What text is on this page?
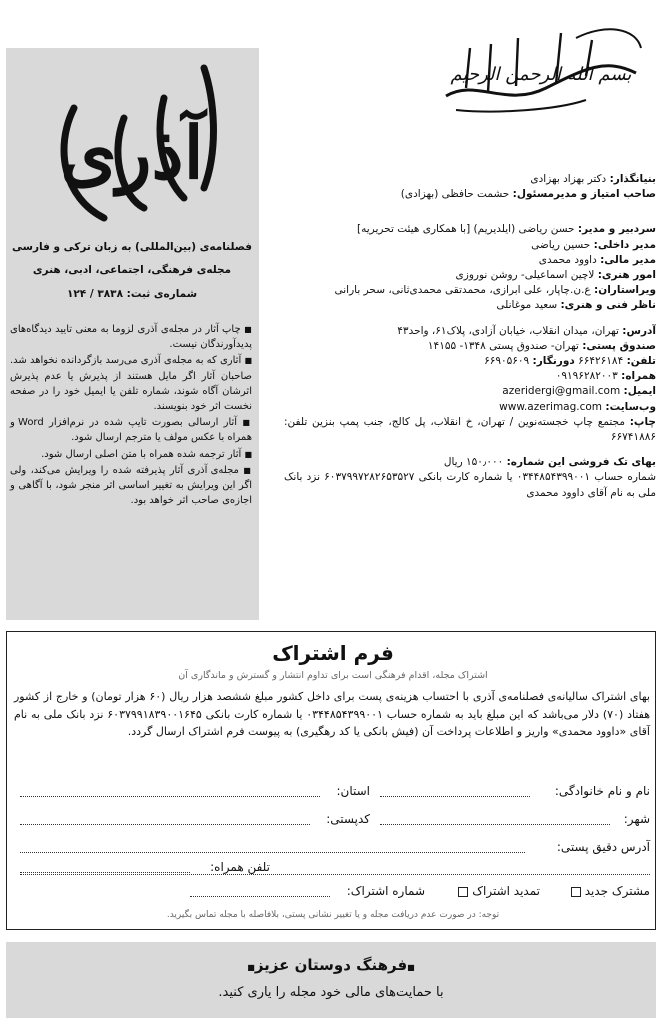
بسم الله الرحمن الرحیم
آذری
فصلنامه‌ی (بین‌المللی) به زبان ترکی و فارسی
مجله‌ی فرهنگی، اجتماعی، ادبی، هنری
شماره‌ی ثبت: ۳۸۳۸ / ۱۲۴

■ چاپ آثار در مجله‌ی آذری لزوما به معنی تایید دیدگاه‌های پدیدآورندگان نیست.

■ آثاری که به مجله‌ی آذری می‌رسد بازگردانده نخواهد شد. صاحبان آثار اگر مایل هستند از پذیرش یا عدم پذیرش اثرشان آگاه شوند، شماره تلفن یا ایمیل خود را در صفحه نخست اثر خود بنویسند.

■ آثار ارسالی بصورت تایپ شده در نرم‌افزار Word و همراه با عکس مولف یا مترجم ارسال شود.

■ آثار ترجمه شده همراه با متن اصلی ارسال شود.

■ مجله‌ی آذری آثار پذیرفته شده را ویرایش می‌کند، ولی اگر این ویرایش به تغییر اساسی اثر منجر شود، با آگاهی و اجازه‌ی صاحب اثر خواهد بود.

بنیانگذار: دکتر بهزاد بهزادی
صاحب امتیاز و مدیرمسئول: حشمت حافظی (بهزادی)
سردبیر و مدیر: حسن ریاضی (ایلدیریم) [با همکاری هیئت تحریریه]
مدیر داخلی: حسین ریاضی
مدیر مالی: داوود محمدی
امور هنری: لاچین اسماعیلی- روشن نوروزی
ویراستاران: ع.ن.چاپار، علی ابرازی، محمدتقی محمدی‌ثانی، سحر بارانی
ناظر فنی و هنری: سعید موغانلی
آدرس: تهران، میدان انقلاب، خیابان آزادی، پلاک۶۱، واحد۴۳
صندوق پستی: تهران- صندوق پستی ۱۳۴۸- ۱۴۱۵۵
تلفن: ۶۶۴۲۶۱۸۴ دورنگار: ۶۶۹۰۵۶۰۹
همراه: ۰۹۱۹۶۲۸۲۰۰۳
ایمیل: azeridergi@gmail.com
وب‌سایت: www.azerimag.com
چاپ: مجتمع چاپ خجسته‌نوین / تهران، خ انقلاب، پل کالج، جنب پمپ بنزین تلفن: ۶۶۷۴۱۸۸۶
بهای تک فروشی این شماره: ۱۵۰٫۰۰۰ ریال
شماره حساب ۰۳۴۴۸۵۴۳۹۹۰۰۱ یا شماره کارت بانکی ۶۰۳۷۹۹۷۲۸۲۶۵۳۵۲۷ نزد بانک ملی به نام آقای داوود محمدی
فرم اشتراک
اشتراک مجله، اقدام فرهنگی است برای تداوم انتشار و گسترش و ماندگاری آن
بهای اشتراک سالیانه‌ی فصلنامه‌ی آذری با احتساب هزینه‌ی پست برای داخل کشور مبلغ ششصد هزار ریال (۶۰ هزار تومان) و خارج از کشور هفتاد (۷۰) دلار می‌باشد که این مبلغ باید به شماره حساب ۰۳۴۴۸۵۴۳۹۹۰۰۱ یا شماره کارت بانکی ۶۰۳۷۹۹۱۸۳۹۰۰۱۶۴۵ نزد بانک ملی به نام آقای «داوود محمدی» واریز و اطلاعات پرداخت آن (فیش بانکی یا کد رهگیری) به پیوست فرم اشتراک ارسال گردد.
نام و نام خانوادگی:
استان:
شهر:
کدپستی:
آدرس دقیق پستی:
تلفن همراه:
مشترک جدید
تمدید اشتراک
شماره اشتراک:
توجه: در صورت عدم دریافت مجله و یا تغییر نشانی پستی، بلافاصله با مجله تماس بگیرید.
■فرهنگ دوستان عزیز■
با حمایت‌های مالی خود مجله را یاری کنید.
